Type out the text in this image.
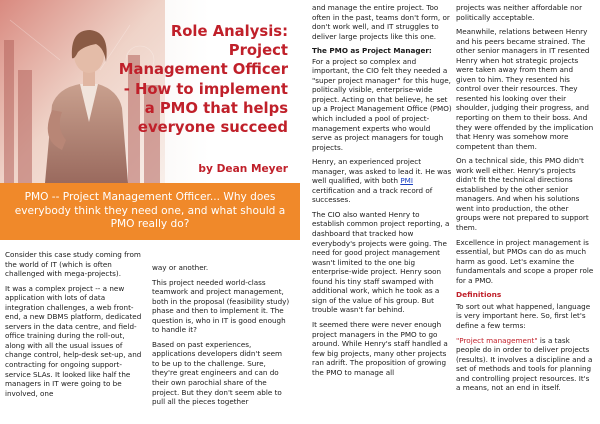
Role Analysis:
Project
Management Officer
- How to implement
a PMO that helps
everyone succeed
by Dean Meyer
PMO -- Project Management Officer... Why does everybody think they need one, and what should a PMO really do?

Consider this case study coming from the world of IT (which is often challenged with mega-projects).

It was a complex project -- a new application with lots of data integration challenges, a web front-end, a new DBMS platform, dedicated servers in the data centre, and field-office training during the roll-out, along with all the usual issues of change control, help-desk set-up, and contracting for ongoing support-service SLAs. It looked like half the managers in IT were going to be involved, one

way or another.

This project needed world-class teamwork and project management, both in the proposal (feasibility study) phase and then to implement it. The question is, who in IT is good enough to handle it?

Based on past experiences, applications developers didn't seem to be up to the challenge. Sure, they're great engineers and can do their own parochial share of the project. But they don't seem able to pull all the pieces together

and manage the entire project. Too often in the past, teams don't form, or don't work well, and IT struggles to deliver large projects like this one.

The PMO as Project Manager:

For a project so complex and important, the CIO felt they needed a "super project manager" for this huge, politically visible, enterprise-wide project. Acting on that believe, he set up a Project Management Office (PMO) which included a pool of project-management experts who would serve as project managers for tough projects.

Henry, an experienced project manager, was asked to lead it. He was well qualified, with both PMI certification and a track record of successes.

The CIO also wanted Henry to establish common project reporting, a dashboard that tracked how everybody's projects were going. The need for good project management wasn't limited to the one big enterprise-wide project. Henry soon found his tiny staff swamped with additional work, which he took as a sign of the value of his group. But trouble wasn't far behind.

It seemed there were never enough project managers in the PMO to go around. While Henry's staff handled a few big projects, many other projects ran adrift. The proposition of growing the PMO to manage all

projects was neither affordable nor politically acceptable.

Meanwhile, relations between Henry and his peers became strained. The other senior managers in IT resented Henry when hot strategic projects were taken away from them and given to him. They resented his control over their resources. They resented his looking over their shoulder, judging their progress, and reporting on them to their boss. And they were offended by the implication that Henry was somehow more competent than them.

On a technical side, this PMO didn't work well either. Henry's projects didn't fit the technical directions established by the other senior managers. And when his solutions went into production, the other groups were not prepared to support them.

Excellence in project management is essential, but PMOs can do as much harm as good. Let's examine the fundamentals and scope a proper role for a PMO.

Definitions

To sort out what happened, language is very important here. So, first let's define a few terms:

"Project management" is a task people do in order to deliver projects (results). It involves a discipline and a set of methods and tools for planning and controlling project resources. It's a means, not an end in itself.
